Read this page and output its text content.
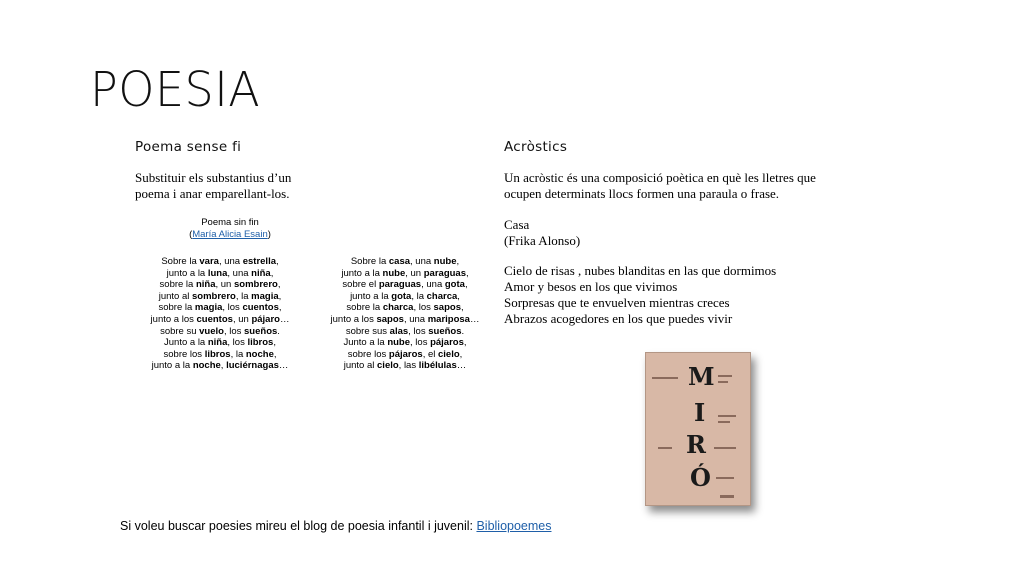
POESIA
Poema sense fi
Substituir els substantius d’un
poema i anar emparellant-los.
Poema sin fin
(María Alicia Esain)
Sobre la vara, una estrella,
junto a la luna, una niña,
sobre la niña, un sombrero,
junto al sombrero, la magia,
sobre la magia, los cuentos,
junto a los cuentos, un pájaro…
sobre su vuelo, los sueños.
Junto a la niña, los libros,
sobre los libros, la noche,
junto a la noche, luciérnagas…
Sobre la casa, una nube,
junto a la nube, un paraguas,
sobre el paraguas, una gota,
junto a la gota, la charca,
sobre la charca, los sapos,
junto a los sapos, una mariposa…
sobre sus alas, los sueños.
Junto a la nube, los pájaros,
sobre los pájaros, el cielo,
junto al cielo, las libélulas…
Acròstics
Un acròstic és una composició poètica en què les lletres que
ocupen determinats llocs formen una paraula o frase.
Casa
(Frika Alonso)
Cielo de risas , nubes blanditas en las que dormimos
Amor y besos en los que vivimos
Sorpresas que te envuelven mientras creces
Abrazos acogedores en los que puedes vivir
M
I
R
Ó
Si voleu buscar poesies mireu el blog de poesia infantil i juvenil: Bibliopoemes
